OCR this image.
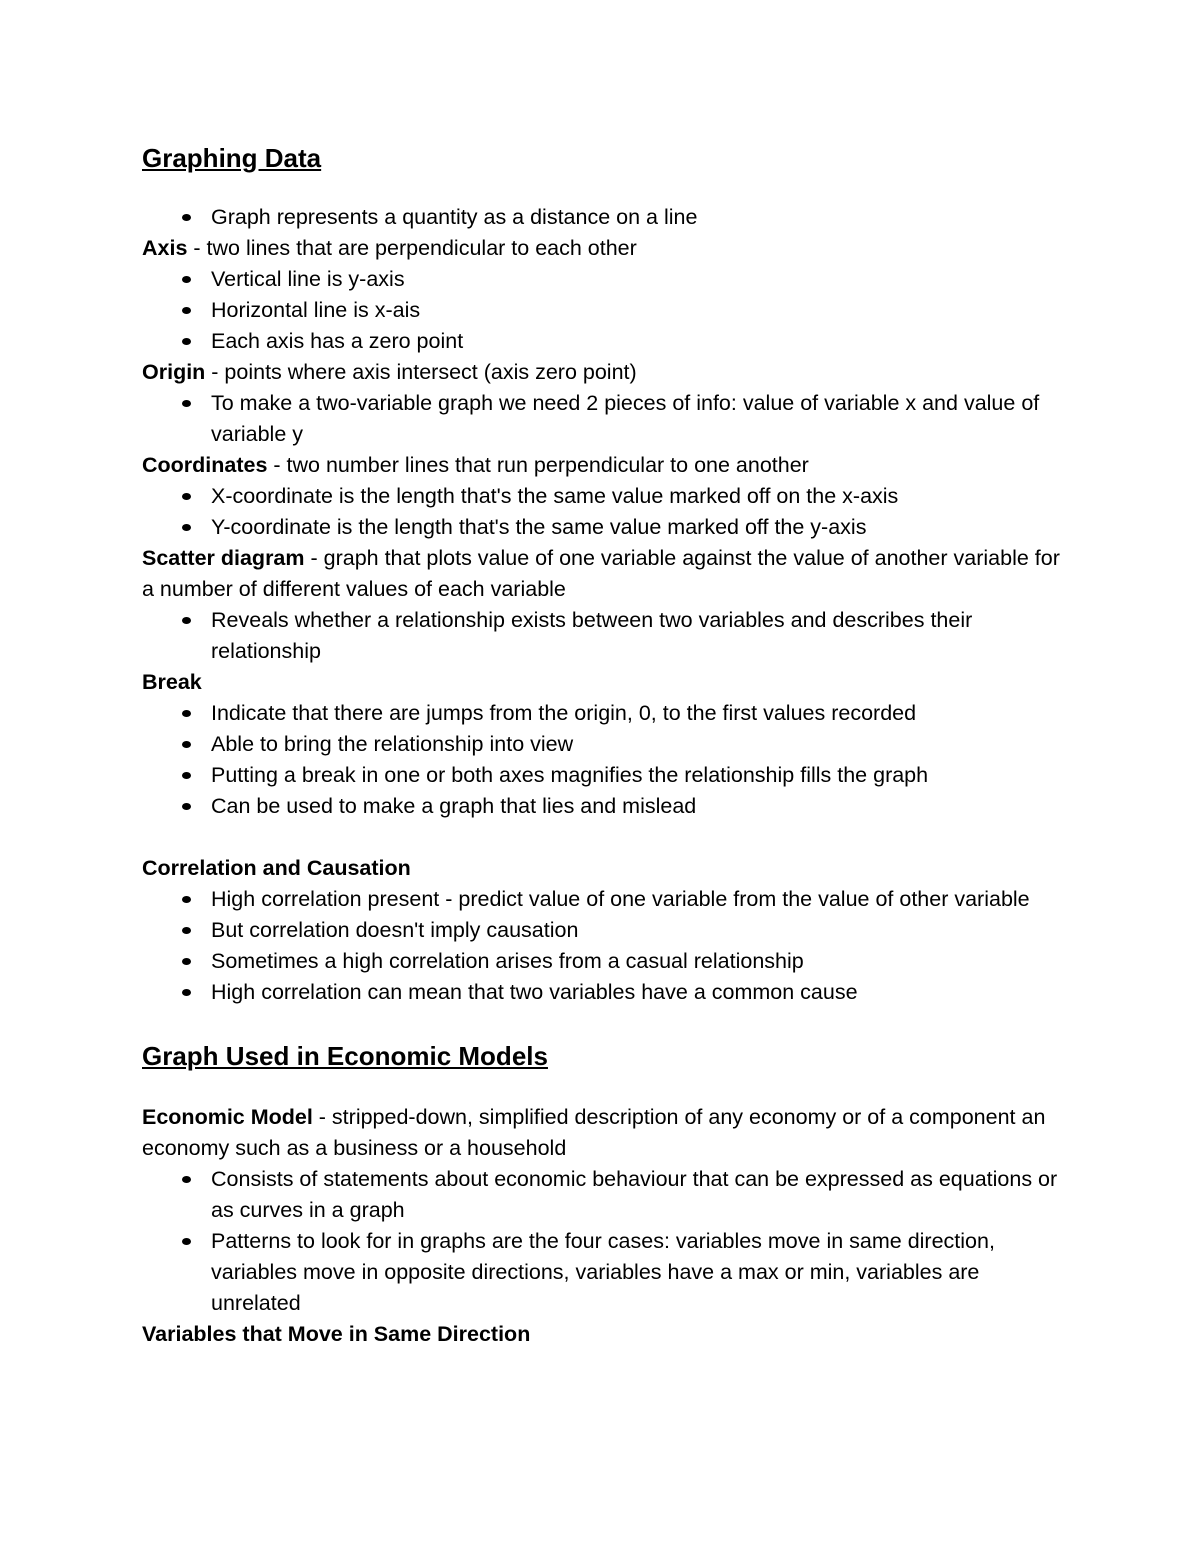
Graphing Data

Graph represents a quantity as a distance on a line

Axis - two lines that are perpendicular to each other

Vertical line is y-axis

Horizontal line is x-ais

Each axis has a zero point

Origin - points where axis intersect (axis zero point)

To make a two-variable graph we need 2 pieces of info: value of variable x and value of variable y

Coordinates - two number lines that run perpendicular to one another

X-coordinate is the length that's the same value marked off on the x-axis

Y-coordinate is the length that's the same value marked off the y-axis

Scatter diagram - graph that plots value of one variable against the value of another variable for a number of different values of each variable

Reveals whether a relationship exists between two variables and describes their relationship

Break

Indicate that there are jumps from the origin, 0, to the first values recorded

Able to bring the relationship into view

Putting a break in one or both axes magnifies the relationship fills the graph

Can be used to make a graph that lies and mislead

Correlation and Causation

High correlation present - predict value of one variable from the value of other variable

But correlation doesn't imply causation

Sometimes a high correlation arises from a casual relationship

High correlation can mean that two variables have a common cause

Graph Used in Economic Models

Economic Model - stripped-down, simplified description of any economy or of a component an economy such as a business or a household

Consists of statements about economic behaviour that can be expressed as equations or as curves in a graph

Patterns to look for in graphs are the four cases: variables move in same direction, variables move in opposite directions, variables have a max or min, variables are unrelated

Variables that Move in Same Direction
